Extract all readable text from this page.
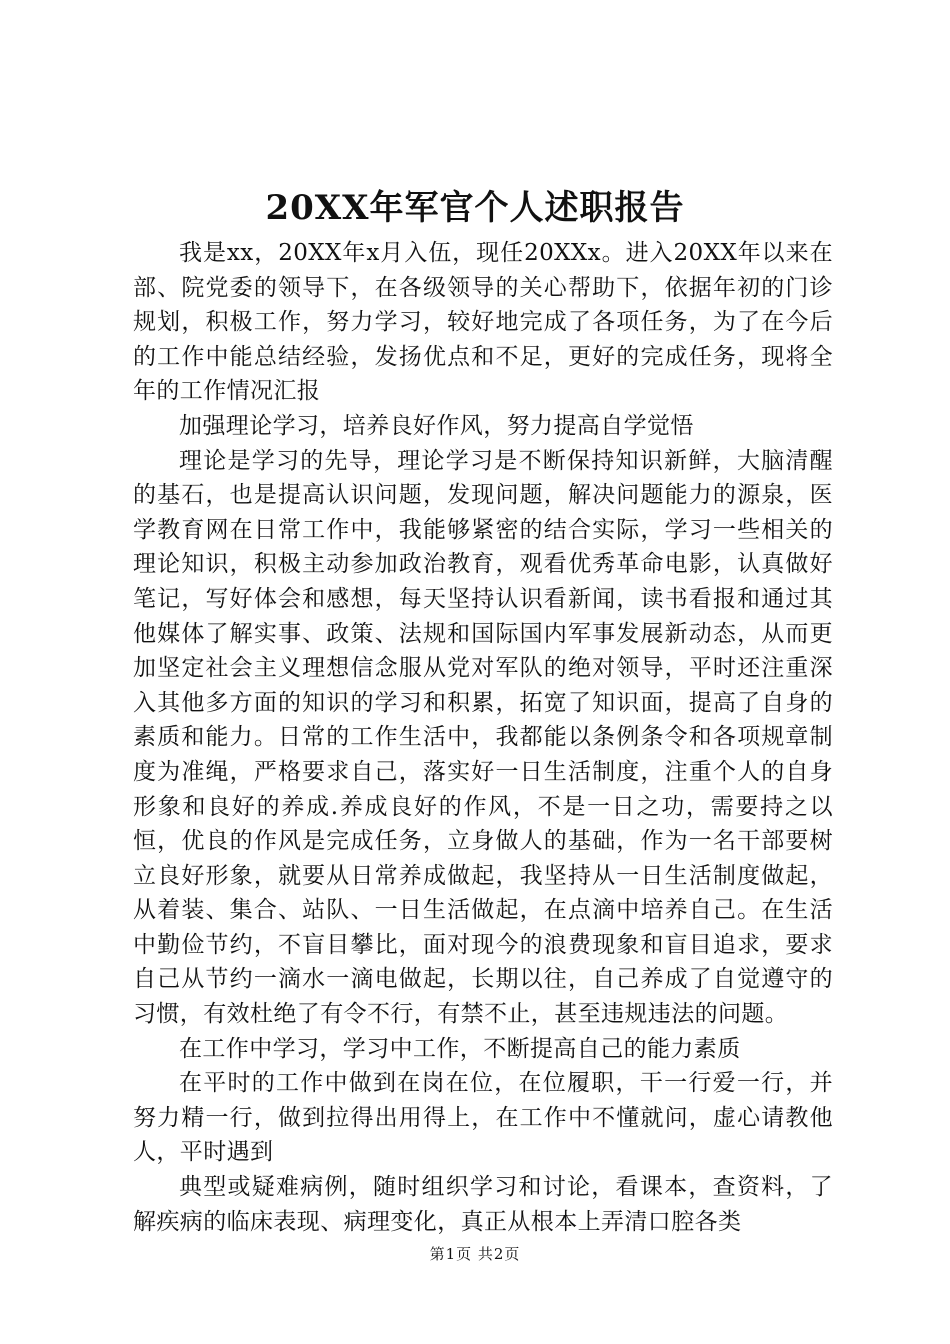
20XX年军官个人述职报告

我是xx，20XX年x月入伍，现任20XXx。进入20XX年以来在部、院党委的领导下，在各级领导的关心帮助下，依据年初的门诊规划，积极工作，努力学习，较好地完成了各项任务，为了在今后的工作中能总结经验，发扬优点和不足，更好的完成任务，现将全年的工作情况汇报

加强理论学习，培养良好作风，努力提高自学觉悟

理论是学习的先导，理论学习是不断保持知识新鲜，大脑清醒的基石，也是提高认识问题，发现问题，解决问题能力的源泉，医学教育网在日常工作中，我能够紧密的结合实际，学习一些相关的理论知识，积极主动参加政治教育，观看优秀革命电影，认真做好笔记，写好体会和感想，每天坚持认识看新闻，读书看报和通过其他媒体了解实事、政策、法规和国际国内军事发展新动态，从而更加坚定社会主义理想信念服从党对军队的绝对领导，平时还注重深入其他多方面的知识的学习和积累，拓宽了知识面，提高了自身的素质和能力。日常的工作生活中，我都能以条例条令和各项规章制度为准绳，严格要求自己，落实好一日生活制度，注重个人的自身形象和良好的养成.养成良好的作风，不是一日之功，需要持之以恒，优良的作风是完成任务，立身做人的基础，作为一名干部要树立良好形象，就要从日常养成做起，我坚持从一日生活制度做起，从着装、集合、站队、一日生活做起，在点滴中培养自己。在生活中勤俭节约，不盲目攀比，面对现今的浪费现象和盲目追求，要求自己从节约一滴水一滴电做起，长期以往，自己养成了自觉遵守的习惯，有效杜绝了有令不行，有禁不止，甚至违规违法的问题。

在工作中学习，学习中工作，不断提高自己的能力素质

在平时的工作中做到在岗在位，在位履职，干一行爱一行，并努力精一行，做到拉得出用得上，在工作中不懂就问，虚心请教他人，平时遇到

典型或疑难病例，随时组织学习和讨论，看课本，查资料，了解疾病的临床表现、病理变化，真正从根本上弄清口腔各类

第1页 共2页
